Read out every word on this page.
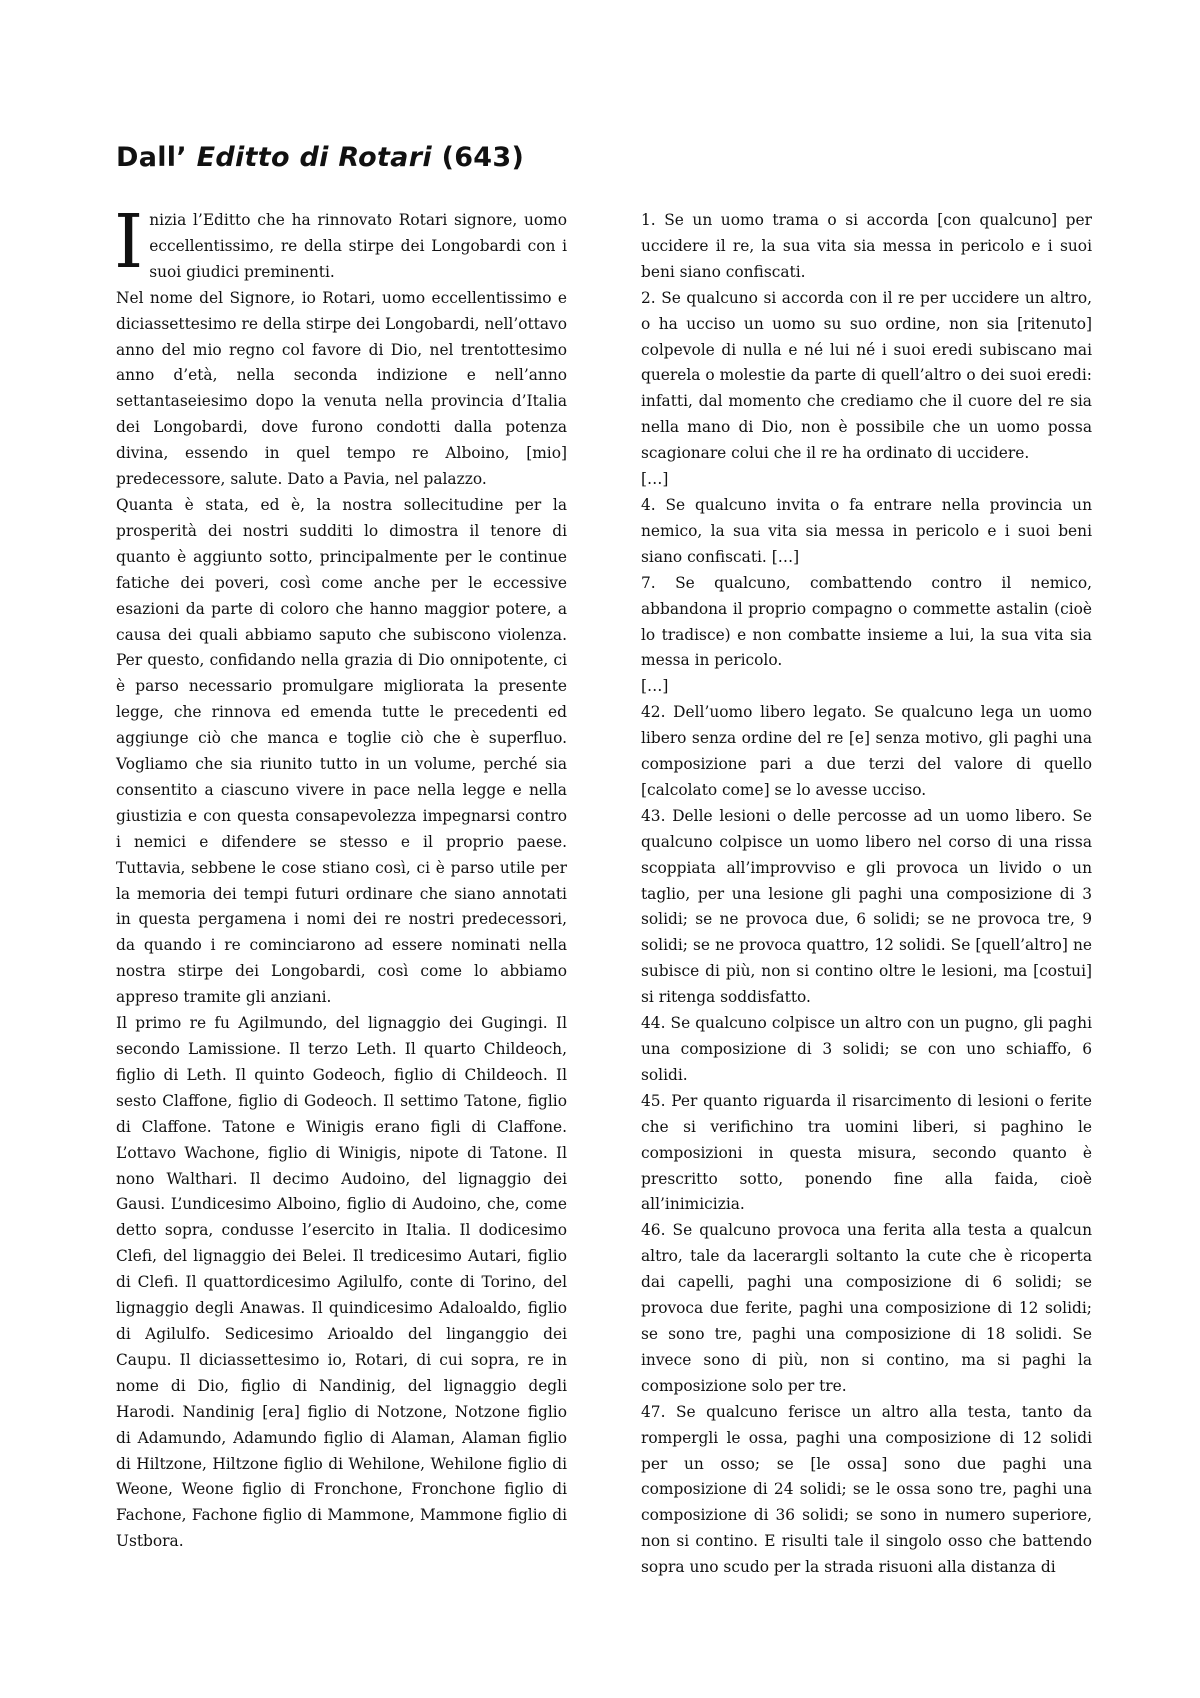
Dall’ Editto di Rotari (643)

Inizia l’Editto che ha rinnovato Rotari signore, uomo eccellentissimo, re della stirpe dei Longobardi con i suoi giudici preminenti.

Nel nome del Signore, io Rotari, uomo eccellentissimo e diciassettesimo re della stirpe dei Longobardi, nell’ottavo anno del mio regno col favore di Dio, nel trentottesimo anno d’età, nella seconda indizione e nell’anno settantaseiesimo dopo la venuta nella provincia d’Italia dei Longobardi, dove furono condotti dalla potenza divina, essendo in quel tempo re Alboino, [mio] predecessore, salute. Dato a Pavia, nel palazzo.

Quanta è stata, ed è, la nostra sollecitudine per la prosperità dei nostri sudditi lo dimostra il tenore di quanto è aggiunto sotto, principalmente per le continue fatiche dei poveri, così come anche per le eccessive esazioni da parte di coloro che hanno maggior potere, a causa dei quali abbiamo saputo che subiscono violenza. Per questo, confidando nella grazia di Dio onnipotente, ci è parso necessario promulgare migliorata la presente legge, che rinnova ed emenda tutte le precedenti ed aggiunge ciò che manca e toglie ciò che è superfluo. Vogliamo che sia riunito tutto in un volume, perché sia consentito a ciascuno vivere in pace nella legge e nella giustizia e con questa consapevolezza impegnarsi contro i nemici e difendere se stesso e il proprio paese. Tuttavia, sebbene le cose stiano così, ci è parso utile per la memoria dei tempi futuri ordinare che siano annotati in questa pergamena i nomi dei re nostri predecessori, da quando i re cominciarono ad essere nominati nella nostra stirpe dei Longobardi, così come lo abbiamo appreso tramite gli anziani.

Il primo re fu Agilmundo, del lignaggio dei Gugingi. Il secondo Lamissione. Il terzo Leth. Il quarto Childeoch, figlio di Leth. Il quinto Godeoch, figlio di Childeoch. Il sesto Claffone, figlio di Godeoch. Il settimo Tatone, figlio di Claffone. Tatone e Winigis erano figli di Claffone. L’ottavo Wachone, figlio di Winigis, nipote di Tatone. Il nono Walthari. Il decimo Audoino, del lignaggio dei Gausi. L’undicesimo Alboino, figlio di Audoino, che, come detto sopra, condusse l’esercito in Italia. Il dodicesimo Clefi, del lignaggio dei Belei. Il tredicesimo Autari, figlio di Clefi. Il quattordicesimo Agilulfo, conte di Torino, del lignaggio degli Anawas. Il quindicesimo Adaloaldo, figlio di Agilulfo. Sedicesimo Arioaldo del linganggio dei Caupu. Il diciassettesimo io, Rotari, di cui sopra, re in nome di Dio, figlio di Nandinig, del lignaggio degli Harodi. Nandinig [era] figlio di Notzone, Notzone figlio di Adamundo, Adamundo figlio di Alaman, Alaman figlio di Hiltzone, Hiltzone figlio di Wehilone, Wehilone figlio di Weone, Weone figlio di Fronchone, Fronchone figlio di Fachone, Fachone figlio di Mammone, Mammone figlio di Ustbora.

1. Se un uomo trama o si accorda [con qualcuno] per uccidere il re, la sua vita sia messa in pericolo e i suoi beni siano confiscati.

2. Se qualcuno si accorda con il re per uccidere un altro, o ha ucciso un uomo su suo ordine, non sia [ritenuto] colpevole di nulla e né lui né i suoi eredi subiscano mai querela o molestie da parte di quell’altro o dei suoi eredi: infatti, dal momento che crediamo che il cuore del re sia nella mano di Dio, non è possibile che un uomo possa scagionare colui che il re ha ordinato di uccidere.

[…]

4. Se qualcuno invita o fa entrare nella provincia un nemico, la sua vita sia messa in pericolo e i suoi beni siano confiscati. […]

7. Se qualcuno, combattendo contro il nemico, abbandona il proprio compagno o commette astalin (cioè lo tradisce) e non combatte insieme a lui, la sua vita sia messa in pericolo.

[…]

42. Dell’uomo libero legato. Se qualcuno lega un uomo libero senza ordine del re [e] senza motivo, gli paghi una composizione pari a due terzi del valore di quello [calcolato come] se lo avesse ucciso.

43. Delle lesioni o delle percosse ad un uomo libero. Se qualcuno colpisce un uomo libero nel corso di una rissa scoppiata all’improvviso e gli provoca un livido o un taglio, per una lesione gli paghi una composizione di 3 solidi; se ne provoca due, 6 solidi; se ne provoca tre, 9 solidi; se ne provoca quattro, 12 solidi. Se [quell’altro] ne subisce di più, non si contino oltre le lesioni, ma [costui] si ritenga soddisfatto.

44. Se qualcuno colpisce un altro con un pugno, gli paghi una composizione di 3 solidi; se con uno schiaffo, 6 solidi.

45. Per quanto riguarda il risarcimento di lesioni o ferite che si verifichino tra uomini liberi, si paghino le composizioni in questa misura, secondo quanto è prescritto sotto, ponendo fine alla faida, cioè all’inimicizia.

46. Se qualcuno provoca una ferita alla testa a qualcun altro, tale da lacerargli soltanto la cute che è ricoperta dai capelli, paghi una composizione di 6 solidi; se provoca due ferite, paghi una composizione di 12 solidi; se sono tre, paghi una composizione di 18 solidi. Se invece sono di più, non si contino, ma si paghi la composizione solo per tre.

47. Se qualcuno ferisce un altro alla testa, tanto da rompergli le ossa, paghi una composizione di 12 solidi per un osso; se [le ossa] sono due paghi una composizione di 24 solidi; se le ossa sono tre, paghi una composizione di 36 solidi; se sono in numero superiore, non si contino. E risulti tale il singolo osso che battendo sopra uno scudo per la strada risuoni alla distanza di
